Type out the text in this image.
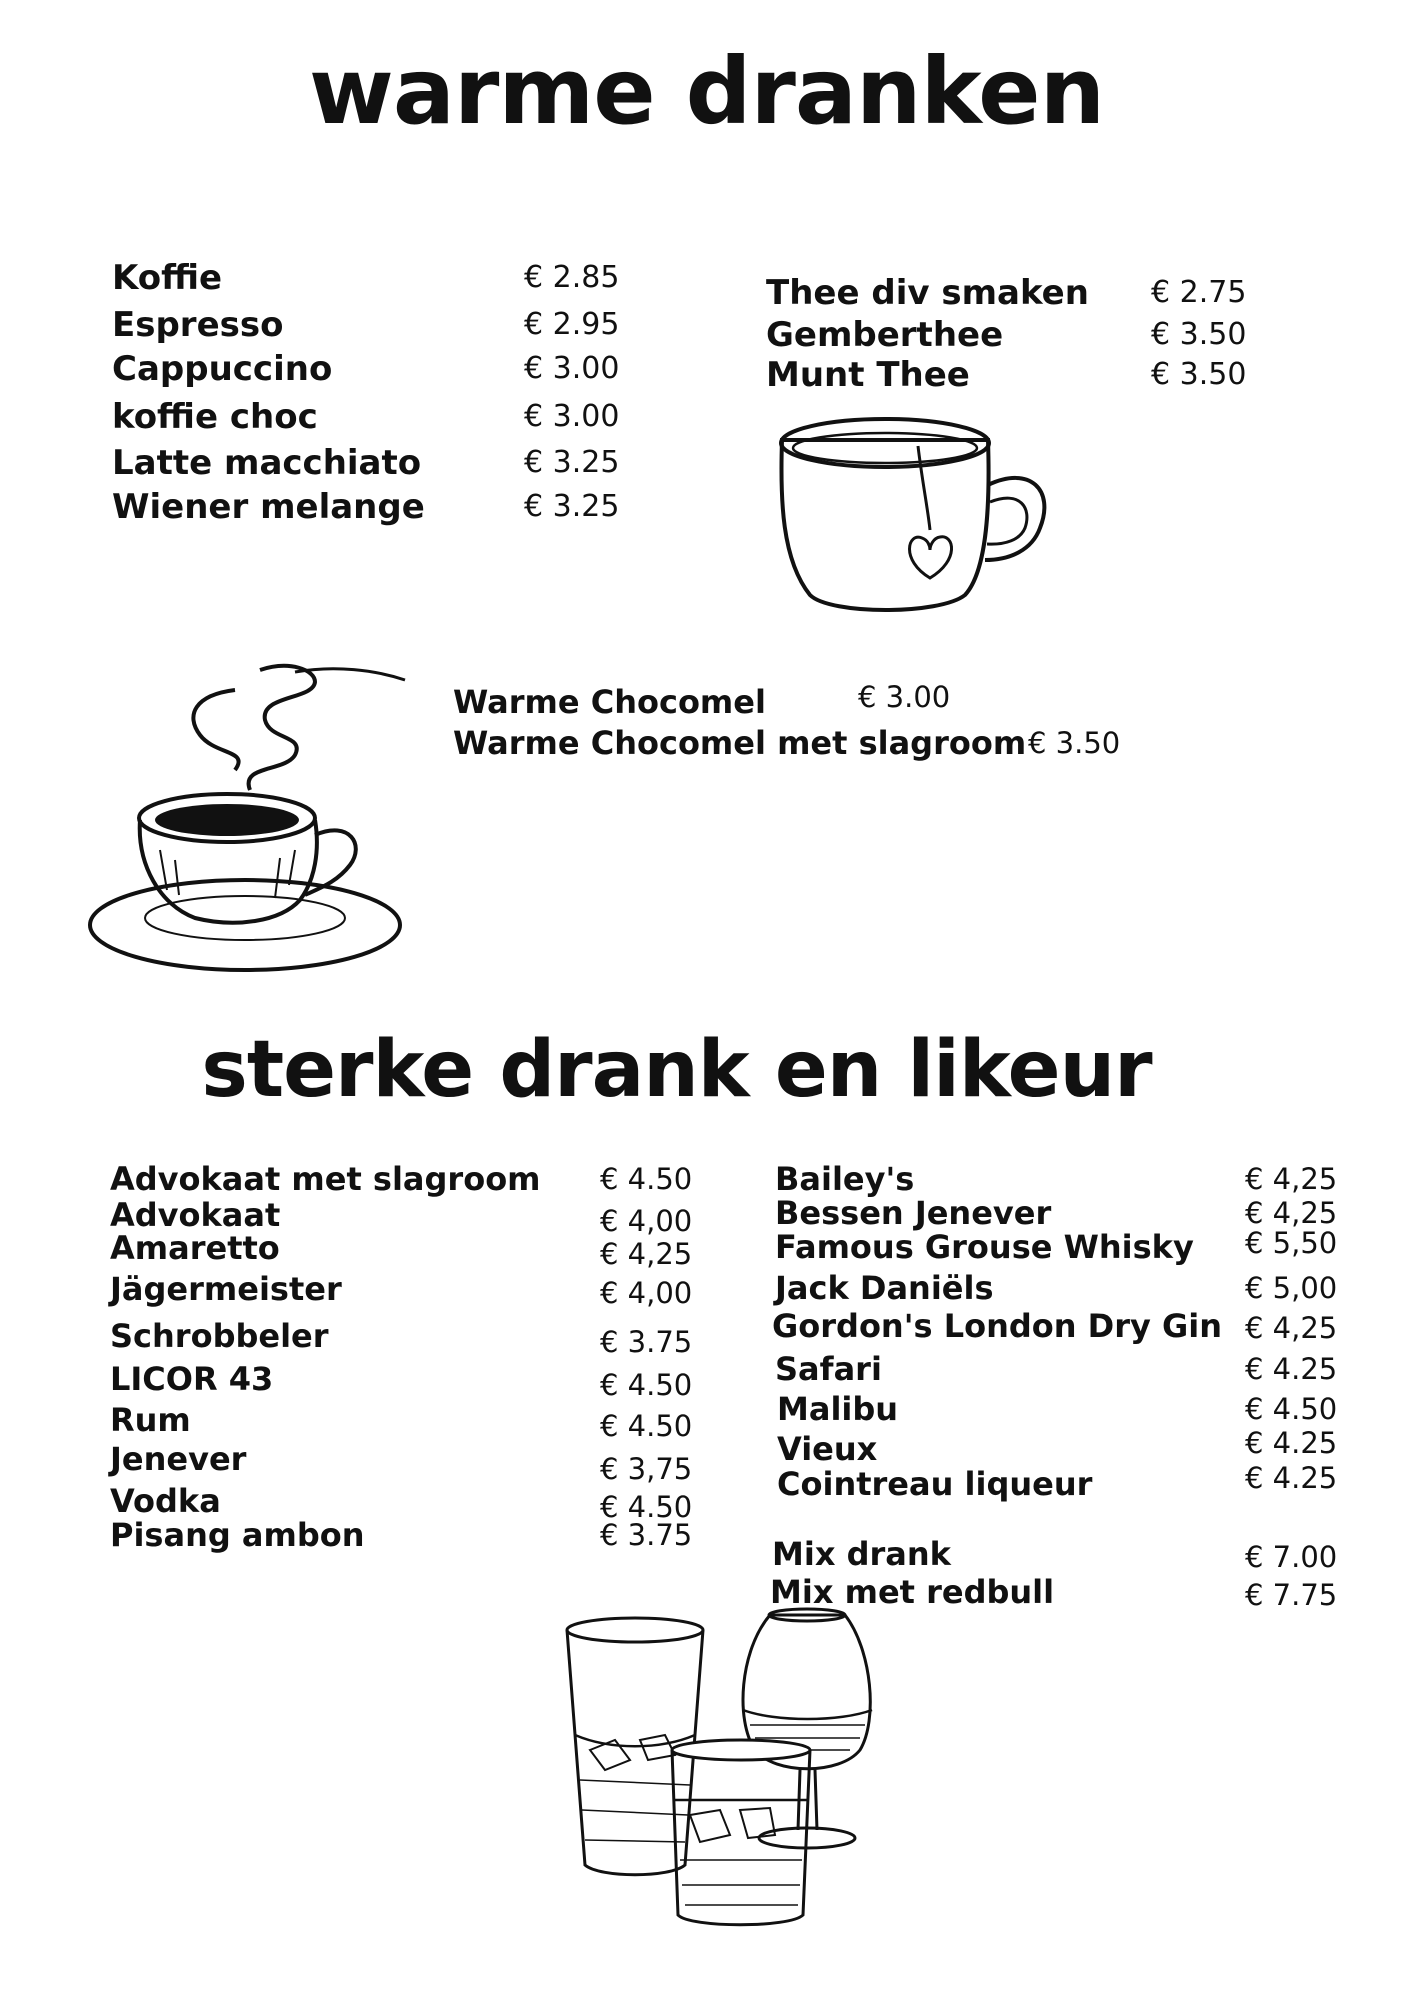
warme dranken
Koffie	€ 2.85
Espresso	€ 2.95
Cappuccino	€ 3.00
koffie choc	€ 3.00
Latte macchiato	€ 3.25
Wiener melange	€ 3.25
Thee div smaken € 2.75
Gemberthee	€ 3.50
Munt Thee	€ 3.50
Warme Chocomel	€ 3.00
Warme Chocomel met slagroom € 3.50
sterke drank en likeur
Advokaat met slagroom € 4.50
Advokaat	€ 4,00
Amaretto	€ 4,25
Jägermeister	€ 4,00
Schrobbeler	€ 3.75
LICOR 43	€ 4.50
Rum	€ 4.50
Jenever	€ 3,75
Vodka	€ 4.50
Pisang ambon	€ 3.75
Bailey's	€ 4,25
Bessen Jenever	€ 4,25
Famous Grouse Whisky € 5,50
Jack Daniëls	€ 5,00
Gordon's London Dry Gin € 4,25
Safari	€ 4.25
Malibu	€ 4.50
Vieux	€ 4.25
Cointreau liqueur	€ 4.25
Mix drank	€ 7.00
Mix met redbull	€ 7.75
